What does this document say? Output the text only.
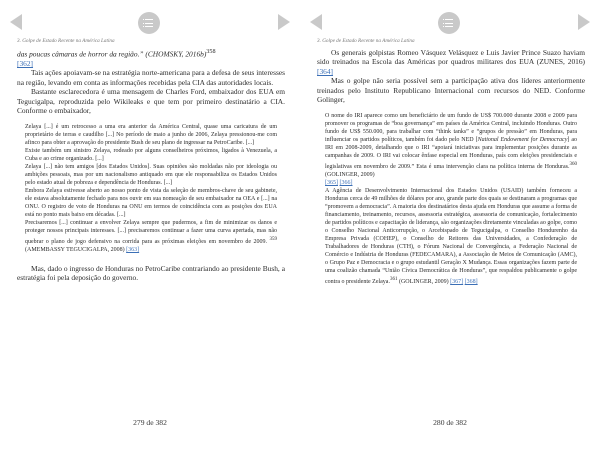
3. Golpe de Estado Recente na América Latina

das poucas câmaras de horror da região.” (CHOMSKY, 2016b)$^{358}$
[362]

Tais ações apoiavam-se na estratégia norte-americana para a defesa de seus interesses na região, levando em conta as informações recebidas pela CIA das autoridades locais.

Bastante esclarecedora é uma mensagem de Charles Ford, embaixador dos EUA em Tegucigalpa, reproduzida pelo Wikileaks e que tem por primeiro destinatário a CIA. Conforme o embaixador,

Zelaya [...] é um retrocesso a uma era anterior da América Central, quase uma caricatura de um proprietário de terras e caudilho [...] No período de maio a junho de 2006, Zelaya pressionou-me com afinco para obter a aprovação do presidente Bush de seu plano de ingressar na PetroCaribe. [...]

Existe também um sinistro Zelaya, rodeado por alguns conselheiros próximos, ligados à Venezuela, a Cuba e ao crime organizado. [...]

Zelaya [...] não tem amigos [dos Estados Unidos]. Suas opiniões são moldadas não por ideologia ou ambições pessoais, mas por um nacionalismo antiquado em que ele responsabiliza os Estados Unidos pelo estado atual de pobreza e dependência de Honduras. [...]

Embora Zelaya estivesse aberto ao nosso ponto de vista da seleção de membros-chave de seu gabinete, ele estava absolutamente fechado para nos ouvir em sua nomeação de seu embaixador na OEA e [...] na ONU. O registro de voto de Honduras na ONU em termos de coincidência com as posições dos EUA está no ponto mais baixo em décadas. [...]

Precisaremos [...] continuar a envolver Zelaya sempre que pudermos, a fim de minimizar os danos e proteger nossos principais interesses. [...] precisaremos continuar a fazer uma curva apertada, mas não quebrar o plano de jogo defensivo na corrida para as próximas eleições em novembro de 2009. $^{359}$ (AMEMBASSY TEGUCIGALPA, 2008) [363]

Mas, dado o ingresso de Honduras no PetroCaribe contrariando ao presidente Bush, a estratégia foi pela deposição do governo.

279 de 382
3. Golpe de Estado Recente na América Latina

Os generais golpistas Romeo Vásquez Velásquez e Luis Javier Prince Suazo haviam sido treinados na Escola das Américas por quadros militares dos EUA (ZUNES, 2016) [364]

Mas o golpe não seria possível sem a participação ativa dos líderes anteriormente treinados pelo Instituto Republicano Internacional com recursos do NED. Conforme Golinger,

O nome do IRI aparece como um beneficiário de um fundo de US$ 700.000 durante 2008 e 2009 para promover os programas de “boa governança” em países da América Central, incluindo Honduras. Outro fundo de US$ 550.000, para trabalhar com “think tanks” e “grupos de pressão” em Honduras, para influenciar os partidos políticos, também foi dado pelo NED [National Endowment for Democracy] ao IRI em 2008-2009, detalhando que o IRI “apoiará iniciativas para implementar posições durante as campanhas de 2009. O IRI vai colocar ênfase especial em Honduras, país com eleições presidenciais e legislativas em novembro de 2009.” Esta é uma intervenção clara na política interna de Honduras.$^{360}$ (GOLINGER, 2009)
[365] [366]

A Agência de Desenvolvimento Internacional dos Estados Unidos (USAID) também forneceu a Honduras cerca de 49 milhões de dólares por ano, grande parte dos quais se destinaram a programas que “promovem a democracia”. A maioria dos destinatários desta ajuda em Honduras que assume a forma de financiamento, treinamento, recursos, assessoria estratégica, assessoria de comunicação, fortalecimento de partidos políticos e capacitação de liderança, são organizações diretamente vinculadas ao golpe, como o Conselho Nacional Anticorrupção, o Arcebispado de Tegucigalpa, o Conselho Hondurenho da Empresa Privada (COHEP), o Conselho de Reitores das Universidades, a Confederação de Trabalhadores de Honduras (CTH), o Fórum Nacional de Convergência, a Federação Nacional de Comércio e Indústria de Honduras (FEDECAMARA), a Associação de Meios de Comunicação (AMC), o Grupo Paz e Democracia e o grupo estudantil Geração X Mudança. Essas organizações fazem parte de uma coalizão chamada “União Cívica Democrática de Honduras”, que respaldou publicamente o golpe contra o presidente Zelaya.$^{361}$ (GOLINGER, 2009) [367] [368]

280 de 382
